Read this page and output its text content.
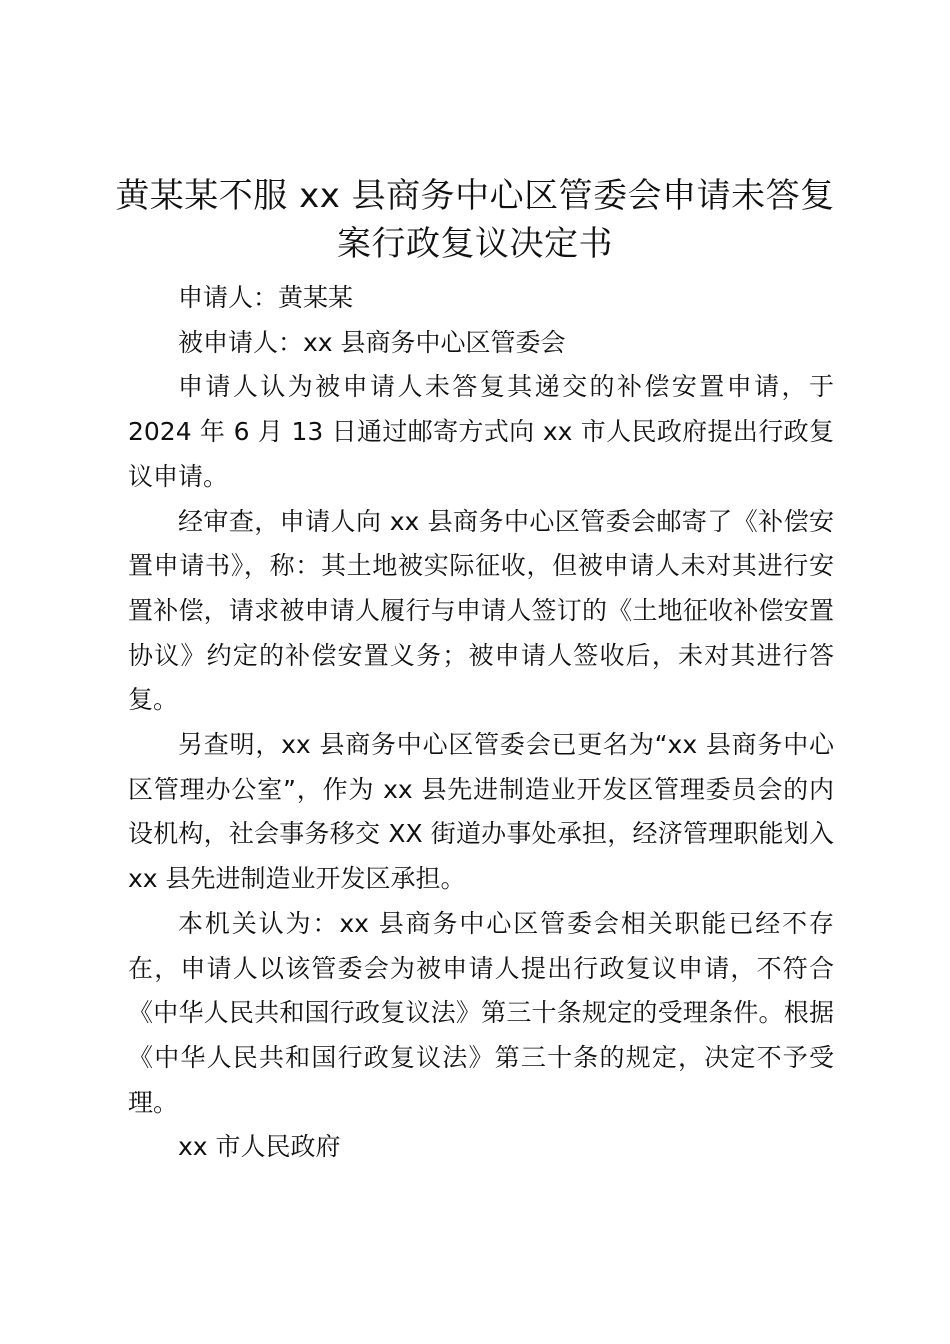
黄某某不服 xx 县商务中心区管委会申请未答复案行政复议决定书

申请人：黄某某

被申请人：xx 县商务中心区管委会

申请人认为被申请人未答复其递交的补偿安置申请，于2024 年 6 月 13 日通过邮寄方式向 xx 市人民政府提出行政复议申请。

经审查，申请人向 xx 县商务中心区管委会邮寄了《补偿安置申请书》，称：其土地被实际征收，但被申请人未对其进行安置补偿，请求被申请人履行与申请人签订的《土地征收补偿安置协议》约定的补偿安置义务；被申请人签收后，未对其进行答复。

另查明，xx 县商务中心区管委会已更名为“xx 县商务中心区管理办公室”，作为 xx 县先进制造业开发区管理委员会的内设机构，社会事务移交 XX 街道办事处承担，经济管理职能划入 xx 县先进制造业开发区承担。

本机关认为：xx 县商务中心区管委会相关职能已经不存在，申请人以该管委会为被申请人提出行政复议申请，不符合《中华人民共和国行政复议法》第三十条规定的受理条件。根据《中华人民共和国行政复议法》第三十条的规定，决定不予受理。

xx 市人民政府
